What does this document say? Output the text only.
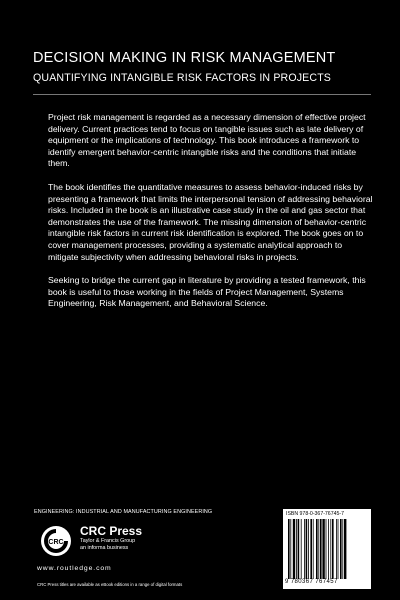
DECISION MAKING IN RISK MANAGEMENT
QUANTIFYING INTANGIBLE RISK FACTORS IN PROJECTS

Project risk management is regarded as a necessary dimension of effective project delivery. Current practices tend to focus on tangible issues such as late delivery of equipment or the implications of technology. This book introduces a framework to identify emergent behavior-centric intangible risks and the conditions that initiate them.

The book identifies the quantitative measures to assess behavior-induced risks by presenting a framework that limits the interpersonal tension of addressing behavioral risks. Included in the book is an illustrative case study in the oil and gas sector that demonstrates the use of the framework. The missing dimension of behavior-centric intangible risk factors in current risk identification is explored. The book goes on to cover management processes, providing a systematic analytical approach to mitigate subjectivity when addressing behavioral risks in projects.

Seeking to bridge the current gap in literature by providing a tested framework, this book is useful to those working in the fields of Project Management, Systems Engineering, Risk Management, and Behavioral Science.

ENGINEERING: INDUSTRIAL AND MANUFACTURING ENGINEERING
CRC
CRC Press
Taylor & Francis Group
an informa business
www.routledge.com
CRC Press titles are available as eBook editions in a range of digital formats
ISBN 978-0-367-76745-7
9 780367 767457
